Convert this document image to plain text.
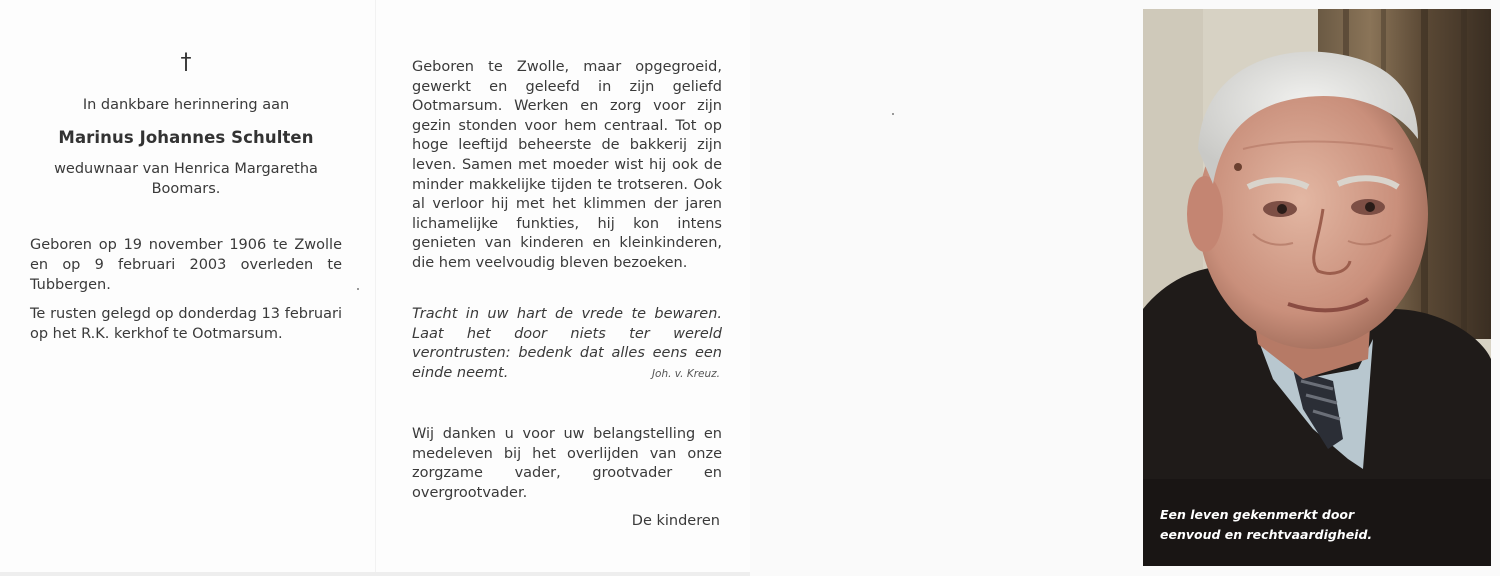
†
In dankbare herinnering aan
Marinus Johannes Schulten
weduwnaar van Henrica Margaretha
Boomars.
Geboren op 19 november 1906 te Zwolle en op 9 februari 2003 overleden te Tubbergen.
Te rusten gelegd op donderdag 13 februari op het R.K. kerkhof te Ootmarsum.
Geboren te Zwolle, maar opgegroeid, gewerkt en geleefd in zijn geliefd Ootmarsum. Werken en zorg voor zijn gezin stonden voor hem centraal. Tot op hoge leeftijd beheerste de bakkerij zijn leven. Samen met moeder wist hij ook de minder makkelijke tijden te trotseren. Ook al verloor hij met het klimmen der jaren lichamelijke funkties, hij kon intens genieten van kinderen en kleinkinderen, die hem veelvoudig bleven bezoeken.
Tracht in uw hart de vrede te bewaren. Laat het door niets ter wereld verontrusten: bedenk dat alles eens een einde neemt.	Joh. v. Kreuz.
Wij danken u voor uw belangstelling en medeleven bij het overlijden van onze zorgzame vader, grootvader en overgrootvader.
De kinderen	Een leven gekenmerkt door
eenvoud en rechtvaardigheid.
